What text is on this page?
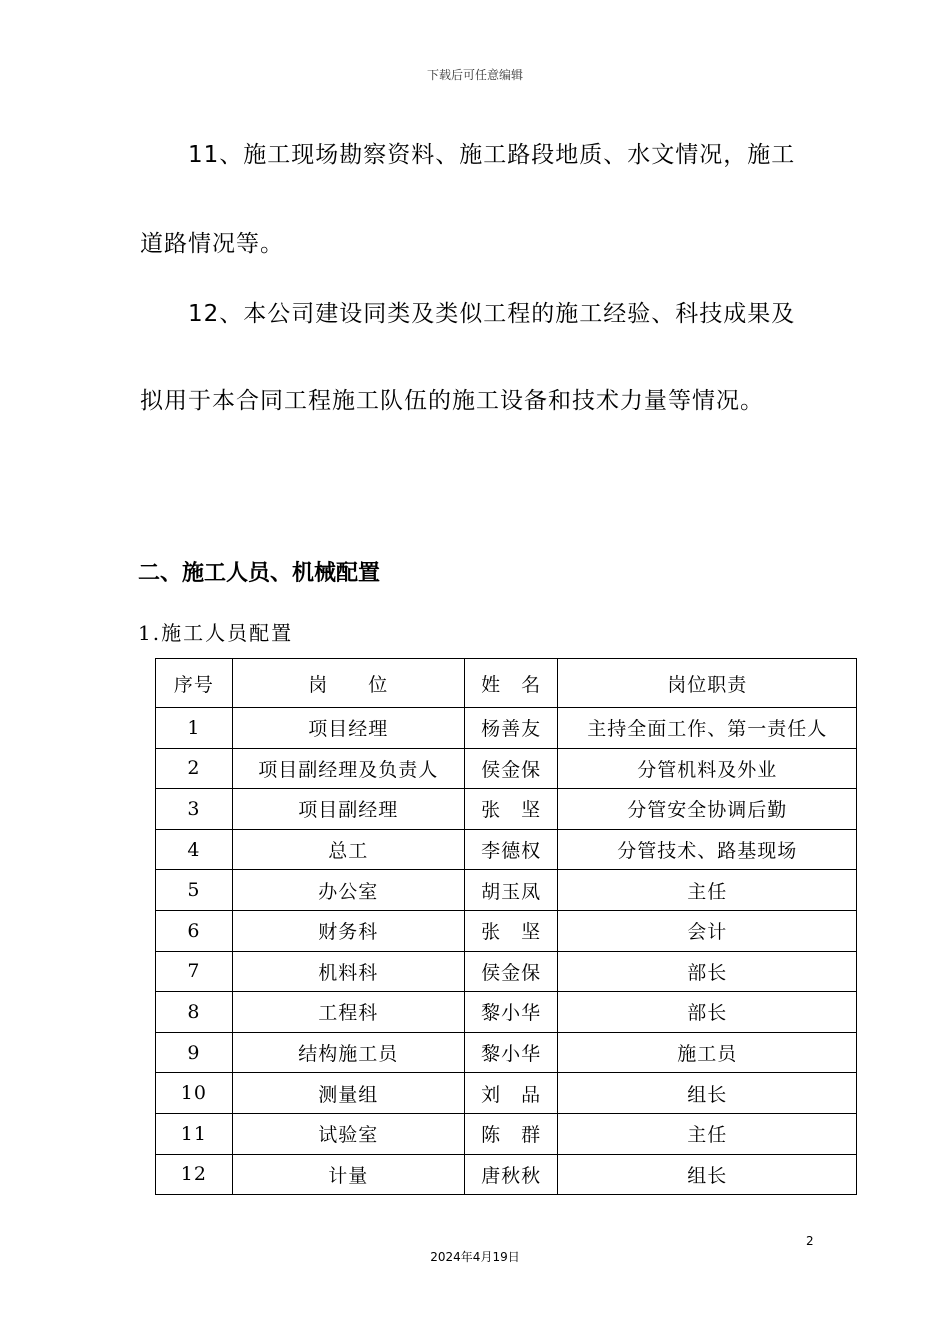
下载后可任意编辑
11、施工现场勘察资料、施工路段地质、水文情况，施工
道路情况等。
12、本公司建设同类及类似工程的施工经验、科技成果及
拟用于本合同工程施工队伍的施工设备和技术力量等情况。
二、施工人员、机械配置
1.施工人员配置
序号	岗　　位	姓　名	岗位职责
1	项目经理	杨善友	主持全面工作、第一责任人
2	项目副经理及负责人	侯金保	分管机料及外业
3	项目副经理	张　坚	分管安全协调后勤
4	总工	李德权	分管技术、路基现场
5	办公室	胡玉凤	主任
6	财务科	张　坚	会计
7	机料科	侯金保	部长
8	工程科	黎小华	部长
9	结构施工员	黎小华	施工员
10	测量组	刘　品	组长
11	试验室	陈　群	主任
12	计量	唐秋秋	组长
2
2024年4月19日
